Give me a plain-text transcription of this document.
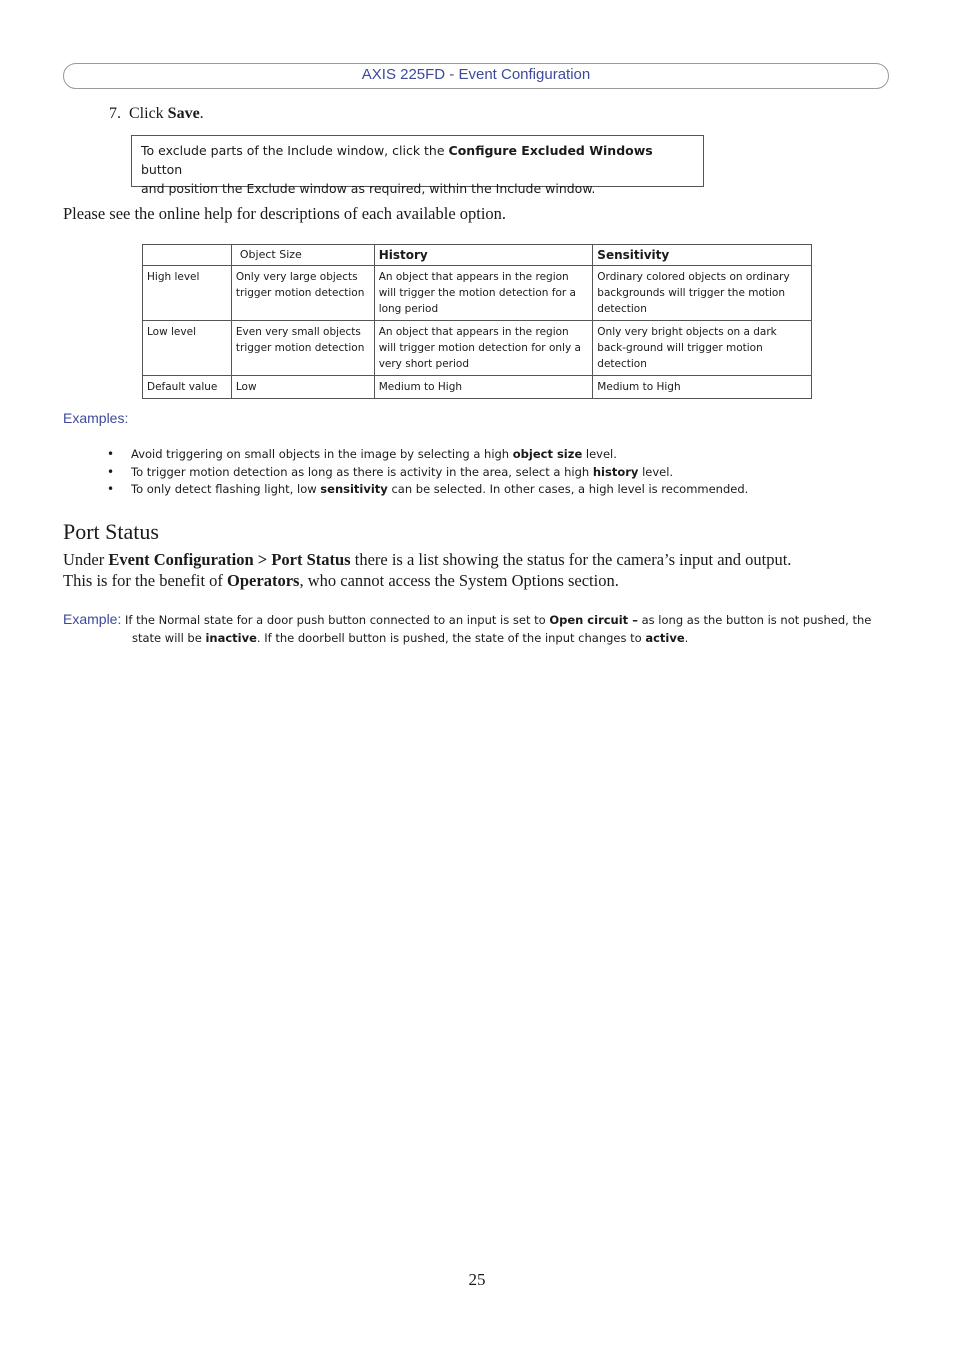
AXIS 225FD - Event Configuration
7. Click Save.
To exclude parts of the Include window, click the Configure Excluded Windows button
and position the Exclude window as required, within the Include window.
Please see the online help for descriptions of each available option.
	Object Size	History	Sensitivity
High level	Only very large objects trigger motion detection	An object that appears in the region will trigger the motion detection for a long period	Ordinary colored objects on ordinary backgrounds will trigger the motion detection
Low level	Even very small objects trigger motion detection	An object that appears in the region will trigger motion detection for only a very short period	Only very bright objects on a dark back-ground will trigger motion detection
Default value	Low	Medium to High	Medium to High
Examples:
• Avoid triggering on small objects in the image by selecting a high object size level.
• To trigger motion detection as long as there is activity in the area, select a high history level.
• To only detect flashing light, low sensitivity can be selected. In other cases, a high level is recommended.
Port Status
Under Event Configuration > Port Status there is a list showing the status for the camera’s input and output.
This is for the benefit of Operators, who cannot access the System Options section.
Example: If the Normal state for a door push button connected to an input is set to Open circuit – as long as the button is not pushed, the
state will be inactive. If the doorbell button is pushed, the state of the input changes to active.
25
